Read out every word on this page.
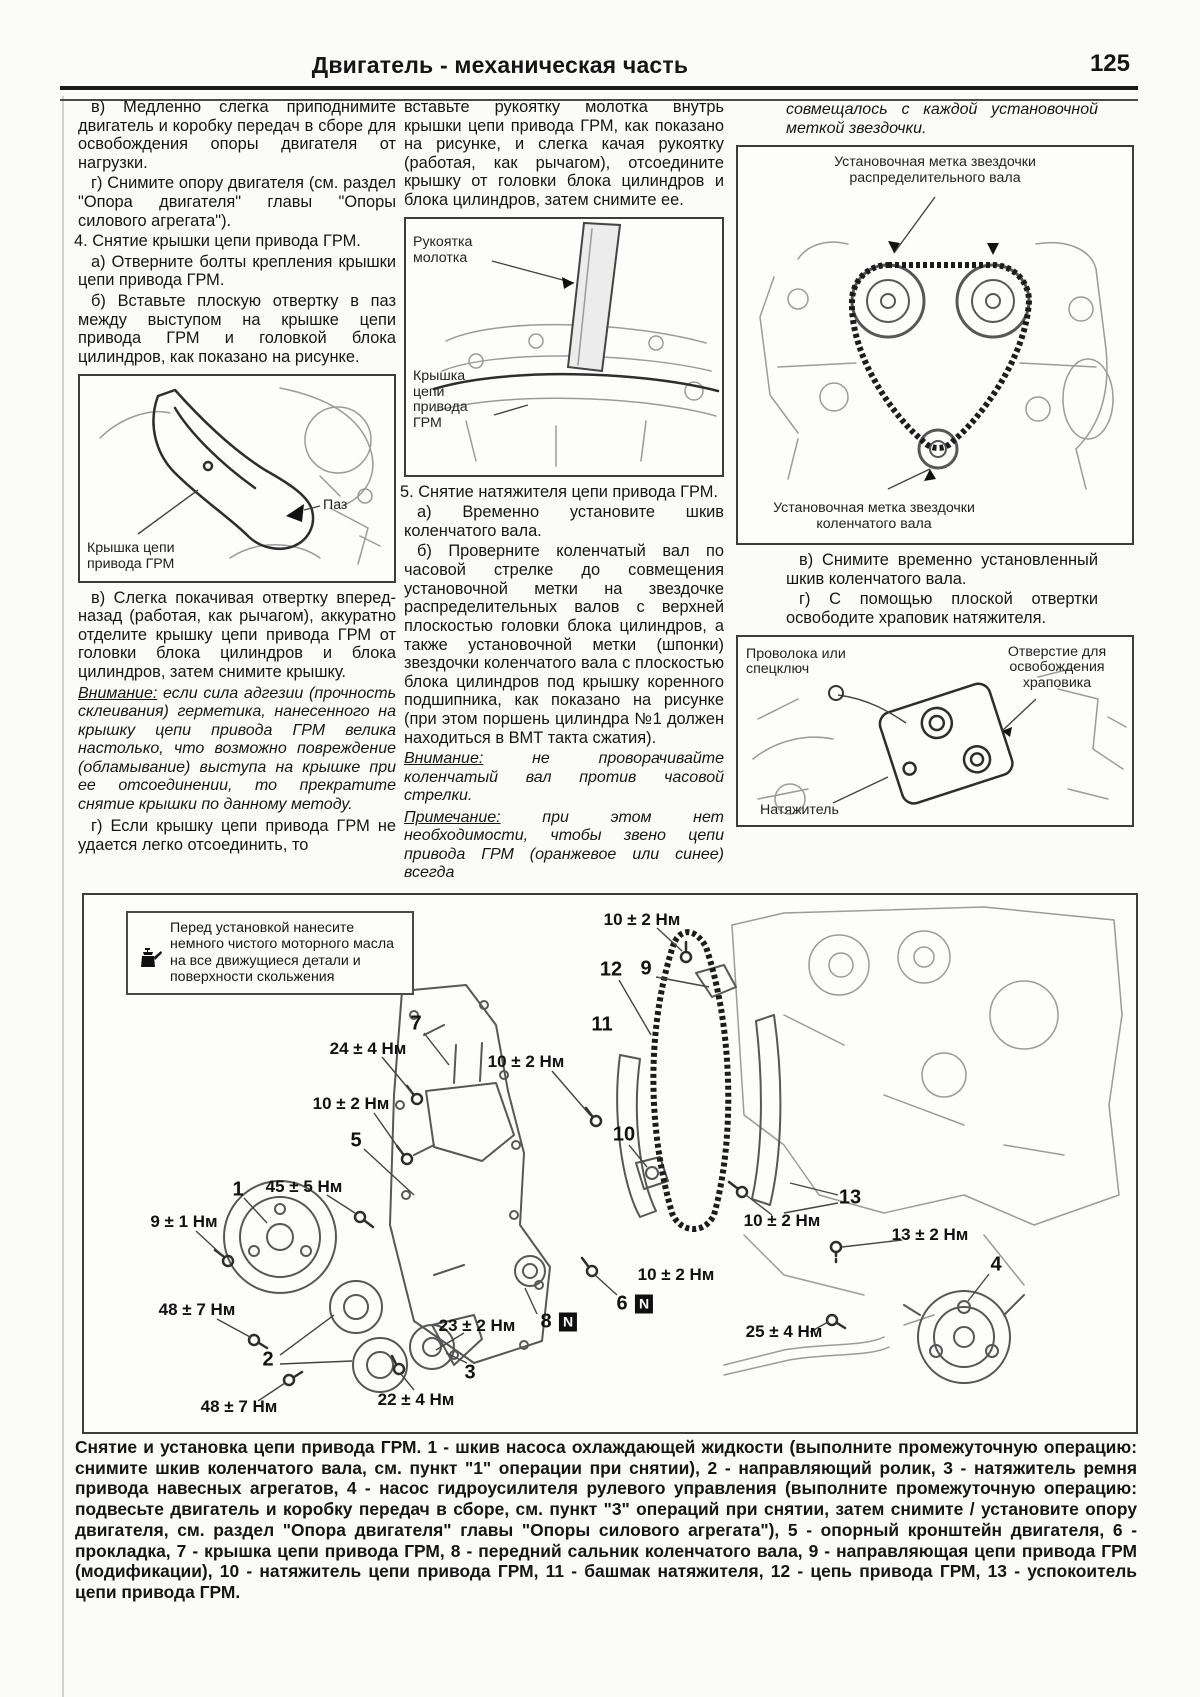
Двигатель - механическая часть	125

в) Медленно слегка приподнимите двигатель и коробку передач в сборе для освобождения опоры двигателя от нагрузки.

г) Снимите опору двигателя (см. раздел "Опора двигателя" главы "Опоры силового агрегата").

4. Снятие крышки цепи привода ГРМ.

а) Отверните болты крепления крышки цепи привода ГРМ.

б) Вставьте плоскую отвертку в паз между выступом на крышке цепи привода ГРМ и головкой блока цилиндров, как показано на рисунке.

Крышка цепи привода ГРМ
Паз

в) Слегка покачивая отвертку вперед-назад (работая, как рычагом), аккуратно отделите крышку цепи привода ГРМ от головки блока цилиндров и блока цилиндров, затем снимите крышку.

Внимание: если сила адгезии (прочность склеивания) герметика, нанесенного на крышку цепи привода ГРМ велика настолько, что возможно повреждение (обламывание) выступа на крышке при ее отсоединении, то прекратите снятие крышки по данному методу.

г) Если крышку цепи привода ГРМ не удается легко отсоединить, то

вставьте рукоятку молотка внутрь крышки цепи привода ГРМ, как показано на рисунке, и слегка качая рукоятку (работая, как рычагом), отсоедините крышку от головки блока цилиндров и блока цилиндров, затем снимите ее.

Рукоятка молотка
Крышка цепи привода ГРМ

5. Снятие натяжителя цепи привода ГРМ.

а) Временно установите шкив коленчатого вала.

б) Проверните коленчатый вал по часовой стрелке до совмещения установочной метки на звездочке распределительных валов с верхней плоскостью головки блока цилиндров, а также установочной метки (шпонки) звездочки коленчатого вала с плоскостью блока цилиндров под крышку коренного подшипника, как показано на рисунке (при этом поршень цилиндра №1 должен находиться в ВМТ такта сжатия).

Внимание: не проворачивайте коленчатый вал против часовой стрелки.

Примечание: при этом нет необходимости, чтобы звено цепи привода ГРМ (оранжевое или синее) всегда

совмещалось с каждой установочной меткой звездочки.

Установочная метка звездочки распределительного вала
Установочная метка звездочки коленчатого вала

в) Снимите временно установленный шкив коленчатого вала.

г) С помощью плоской отвертки освободите храповик натяжителя.

Проволока или спецключ
Отверстие для освобождения храповика
Натяжитель
Перед установкой нанесите немного чистого моторного масла на все движущиеся детали и поверхности скольжения
10 ± 2 Нм
24 ± 4 Нм
10 ± 2 Нм
10 ± 2 Нм
45 ± 5 Нм
9 ± 1 Нм	10 ± 2 Нм
13 ± 2 Нм
10 ± 2 Нм
25 ± 4 Нм
48 ± 7 Нм
23 ± 2 Нм
22 ± 4 Нм
48 ± 7 Нм
12 9
7	11
10
5
1	13
4
6
8
2
3
N
N
Снятие и установка цепи привода ГРМ. 1 - шкив насоса охлаждающей жидкости (выполните промежуточную операцию: снимите шкив коленчатого вала, см. пункт "1" операции при снятии), 2 - направляющий ролик, 3 - натяжитель ремня привода навесных агрегатов, 4 - насос гидроусилителя рулевого управления (выполните промежуточную операцию: подвесьте двигатель и коробку передач в сборе, см. пункт "3" операций при снятии, затем снимите / установите опору двигателя, см. раздел "Опора двигателя" главы "Опоры силового агрегата"), 5 - опорный кронштейн двигателя, 6 - прокладка, 7 - крышка цепи привода ГРМ, 8 - передний сальник коленчатого вала, 9 - направляющая цепи привода ГРМ (модификации), 10 - натяжитель цепи привода ГРМ, 11 - башмак натяжителя, 12 - цепь привода ГРМ, 13 - успокоитель цепи привода ГРМ.
